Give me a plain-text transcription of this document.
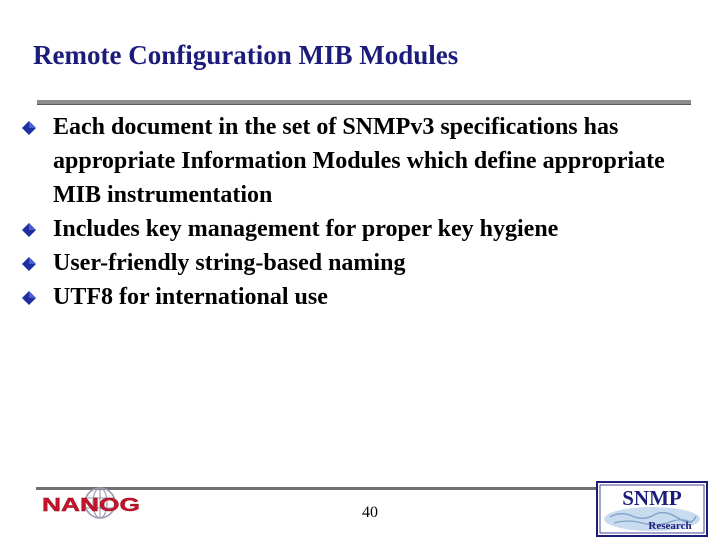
Remote Configuration MIB Modules
Each document in the set of SNMPv3 specifications has appropriate Information Modules which define appropriate MIB instrumentation
Includes key management for proper key hygiene
User-friendly string-based naming
UTF8 for international use
NANOG	40
SNMP
Research
